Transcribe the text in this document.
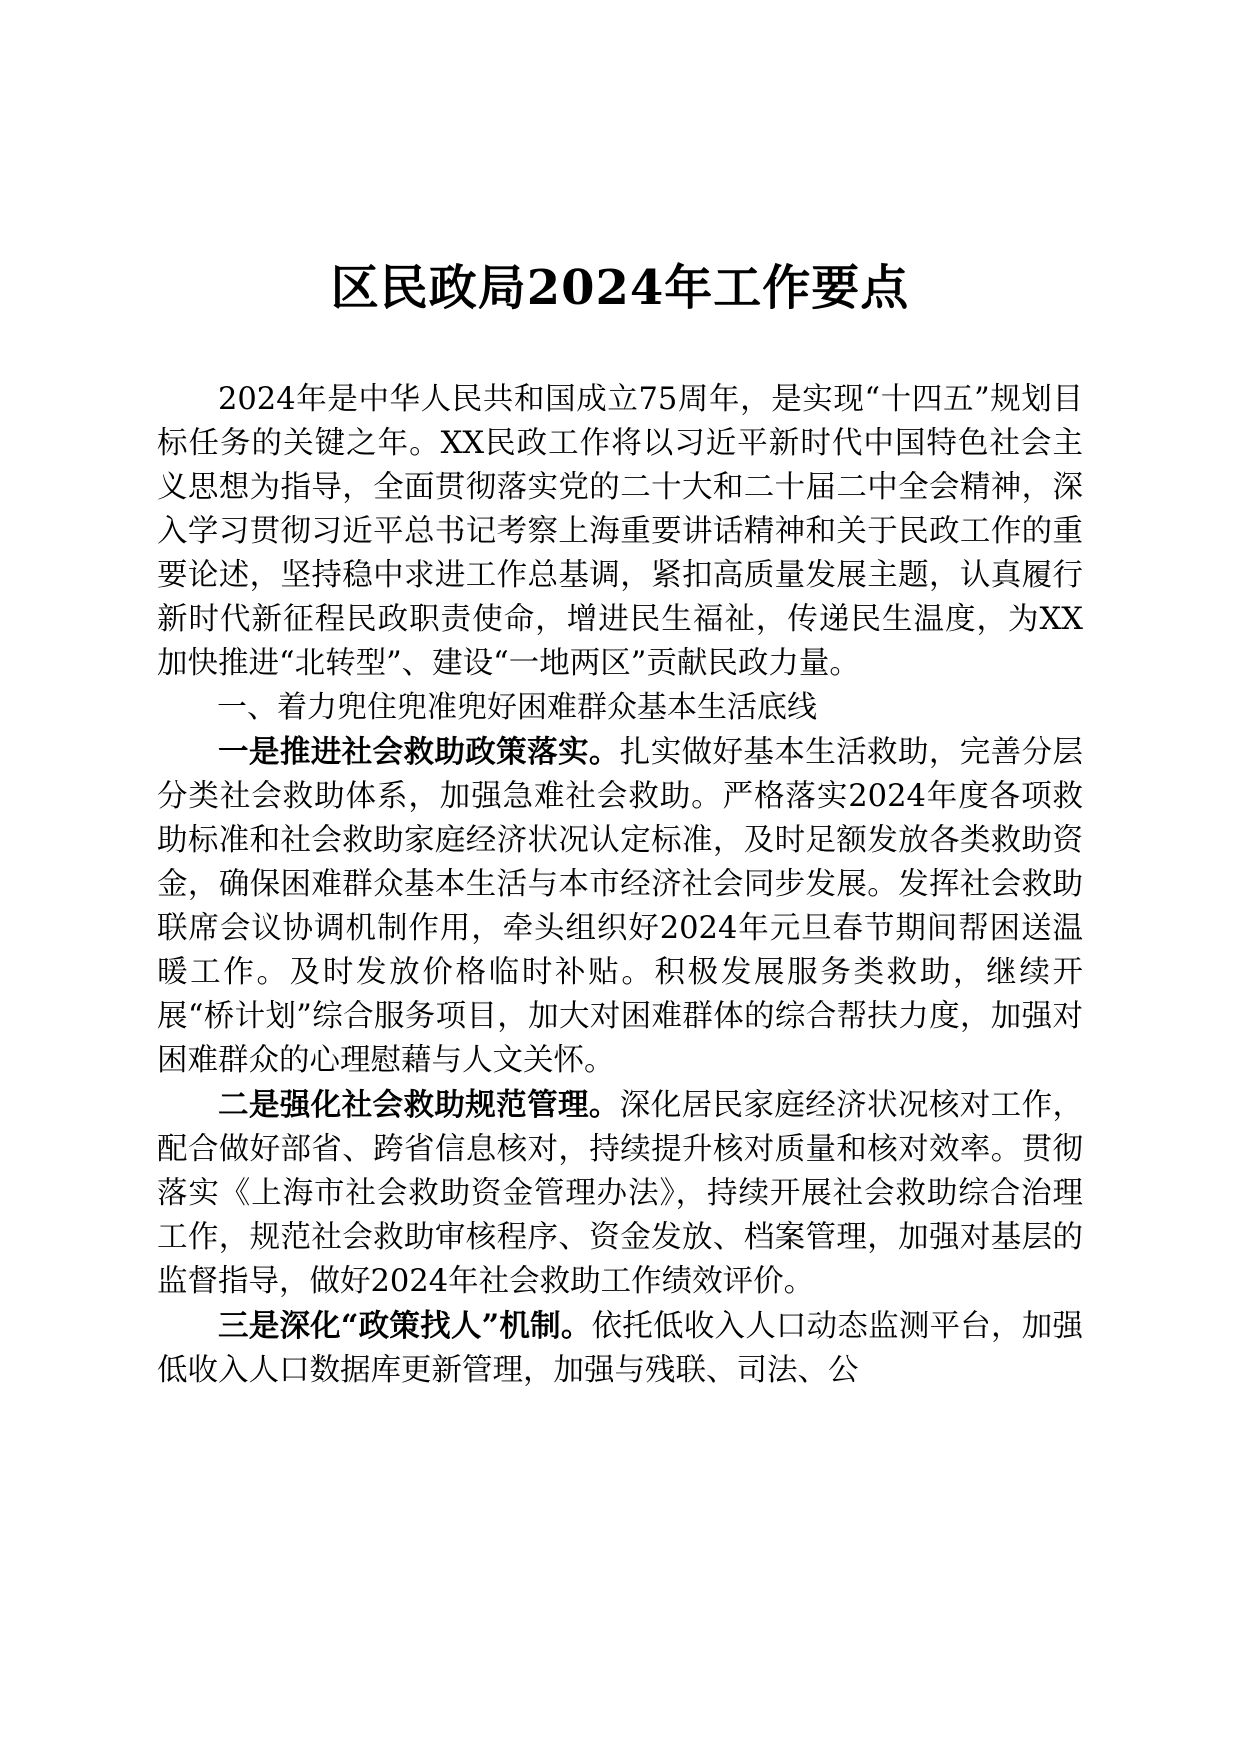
区民政局2024年工作要点

2024年是中华人民共和国成立75周年，是实现“十四五”规划目标任务的关键之年。XX民政工作将以习近平新时代中国特色社会主义思想为指导，全面贯彻落实党的二十大和二十届二中全会精神，深入学习贯彻习近平总书记考察上海重要讲话精神和关于民政工作的重要论述，坚持稳中求进工作总基调，紧扣高质量发展主题，认真履行新时代新征程民政职责使命，增进民生福祉，传递民生温度，为XX加快推进“北转型”、建设“一地两区”贡献民政力量。

一、着力兜住兜准兜好困难群众基本生活底线

一是推进社会救助政策落实。扎实做好基本生活救助，完善分层分类社会救助体系，加强急难社会救助。严格落实2024年度各项救助标准和社会救助家庭经济状况认定标准，及时足额发放各类救助资金，确保困难群众基本生活与本市经济社会同步发展。发挥社会救助联席会议协调机制作用，牵头组织好2024年元旦春节期间帮困送温暖工作。及时发放价格临时补贴。积极发展服务类救助，继续开展“桥计划”综合服务项目，加大对困难群体的综合帮扶力度，加强对困难群众的心理慰藉与人文关怀。

二是强化社会救助规范管理。深化居民家庭经济状况核对工作，配合做好部省、跨省信息核对，持续提升核对质量和核对效率。贯彻落实《上海市社会救助资金管理办法》，持续开展社会救助综合治理工作，规范社会救助审核程序、资金发放、档案管理，加强对基层的监督指导，做好2024年社会救助工作绩效评价。

三是深化“政策找人”机制。依托低收入人口动态监测平台，加强低收入人口数据库更新管理，加强与残联、司法、公
